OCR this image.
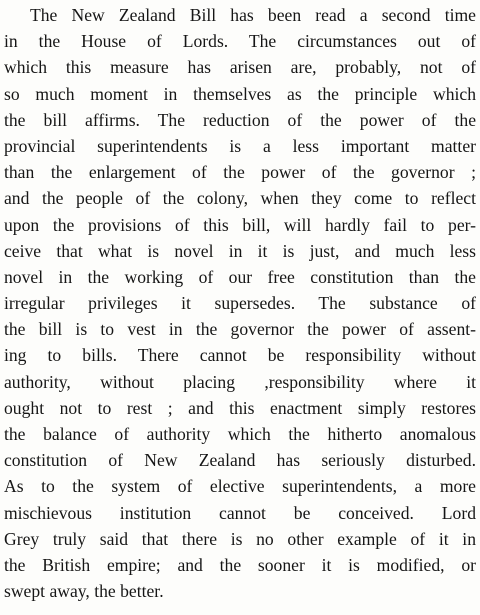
The New Zealand Bill has been read a second time
in the House of Lords. The circumstances out of
which this measure has arisen are, probably, not of
so much moment in themselves as the principle which
the bill affirms. The reduction of the power of the
provincial superintendents is a less important matter
than the enlargement of the power of the governor ;
and the people of the colony, when they come to reflect
upon the provisions of this bill, will hardly fail to per-
ceive that what is novel in it is just, and much less
novel in the working of our free constitution than the
irregular privileges it supersedes. The substance of
the bill is to vest in the governor the power of assent-
ing to bills. There cannot be responsibility without
authority, without placing ,responsibility where it
ought not to rest ; and this enactment simply restores
the balance of authority which the hitherto anomalous
constitution of New Zealand has seriously disturbed.
As to the system of elective superintendents, a more
mischievous institution cannot be conceived. Lord
Grey truly said that there is no other example of it in
the British empire; and the sooner it is modified, or
swept away, the better.
